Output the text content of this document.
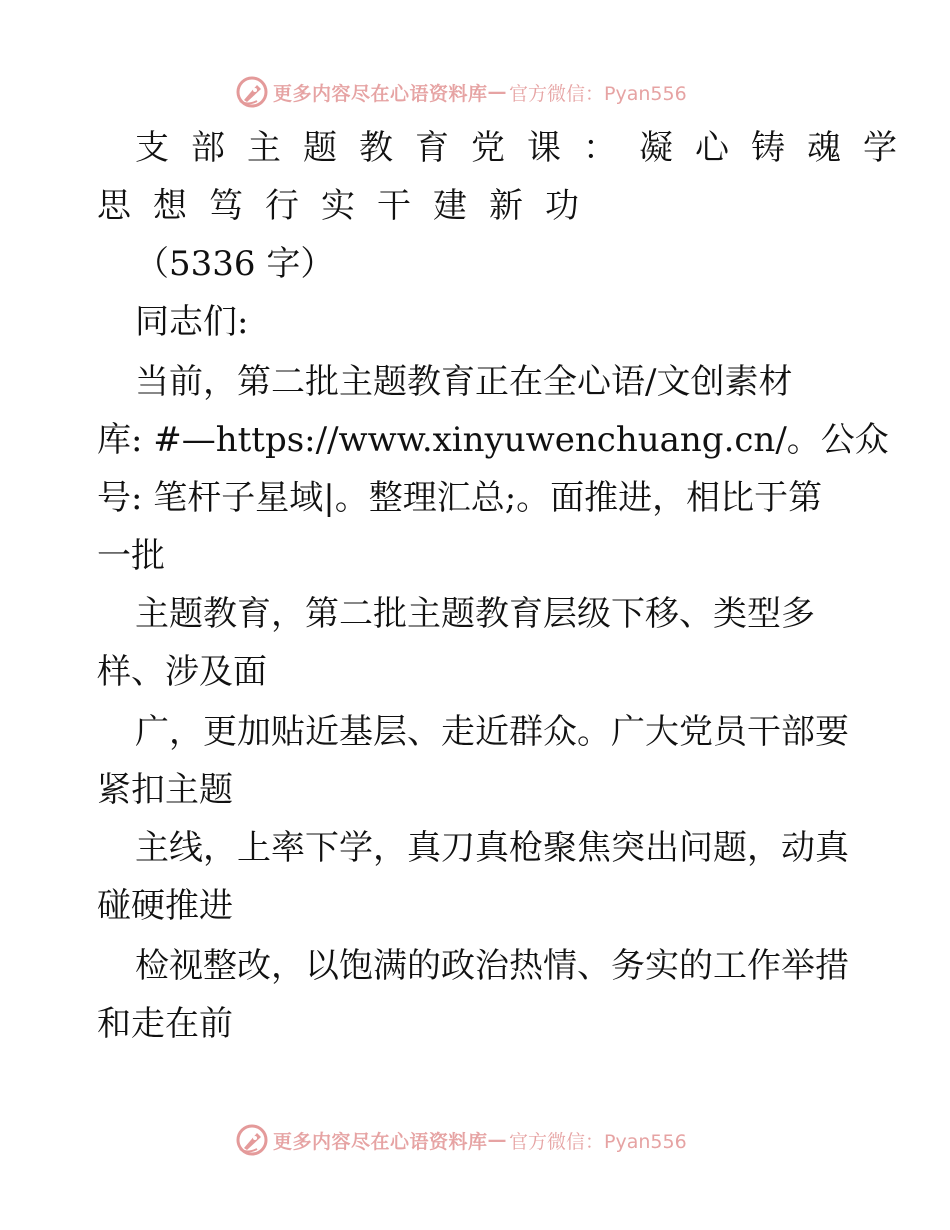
更多内容尽在心语资料库 — 官方微信：Pyan556
支部主题教育党课：凝心铸魂学
思想笃行实干建新功
（5336 字）
同志们:
当前，第二批主题教育正在全心语/文创素材
库: #—https://www.xinyuwenchuang.cn/。公众
号: 笔杆子星域|。整理汇总;。面推进，相比于第
一批
主题教育，第二批主题教育层级下移、类型多
样、涉及面
广，更加贴近基层、走近群众。广大党员干部要
紧扣主题
主线，上率下学，真刀真枪聚焦突出问题，动真
碰硬推进
检视整改，以饱满的政治热情、务实的工作举措
和走在前
更多内容尽在心语资料库 — 官方微信：Pyan556
